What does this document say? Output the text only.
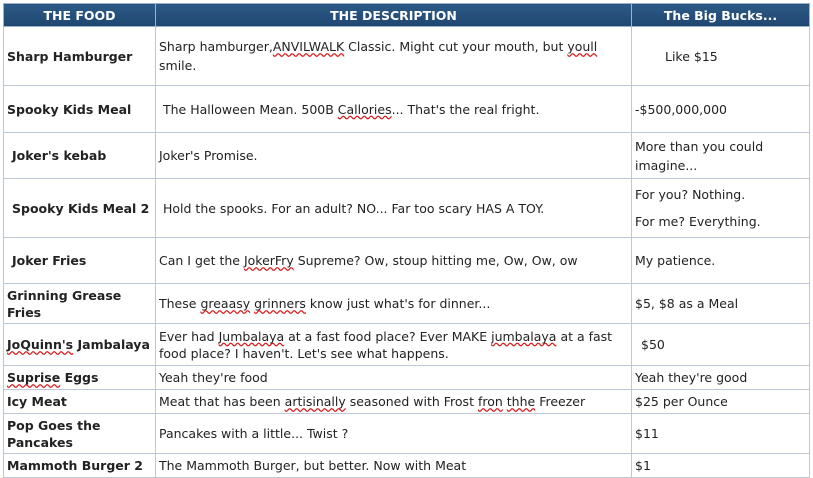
THE FOOD	THE DESCRIPTION	The Big Bucks...
Sharp Hamburger	Sharp hamburger,ANVILWALK Classic. Might cut your mouth, but youll smile.	Like $15
Spooky Kids Meal	The Halloween Mean. 500B Callories... That's the real fright.	-$500,000,000
Joker's kebab	Joker's Promise.	More than you could imagine...
Spooky Kids Meal 2	Hold the spooks. For an adult? NO... Far too scary HAS A TOY.	For you? Nothing.
For me? Everything.

Joker Fries	Can I get the JokerFry Supreme? Ow, stoup hitting me, Ow, Ow, ow	My patience.
Grinning Grease Fries	These greaasy grinners know just what's for dinner...	$5, $8 as a Meal
JoQuinn's Jambalaya	Ever had Jumbalaya at a fast food place? Ever MAKE jumbalaya at a fast food place? I haven't. Let's see what happens.	$50
Suprise Eggs	Yeah they're food	Yeah they're good
Icy Meat	Meat that has been artisinally seasoned with Frost fron thhe Freezer	$25 per Ounce
Pop Goes the Pancakes	Pancakes with a little... Twist ?	$11
Mammoth Burger 2	The Mammoth Burger, but better. Now with Meat	$1
